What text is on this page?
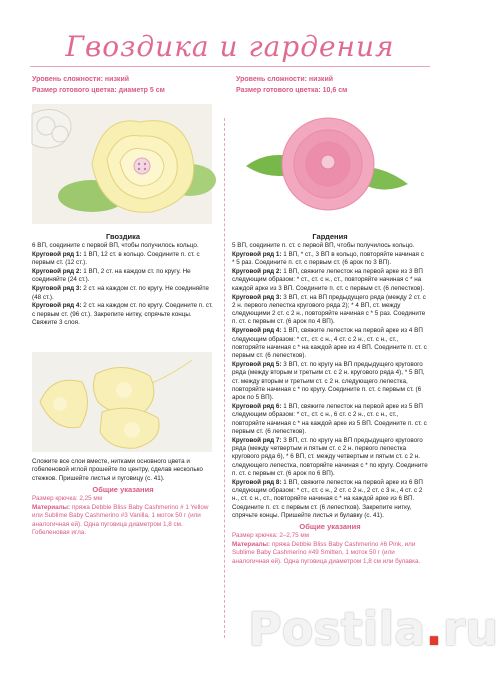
Гвоздика и гардения
Уровень сложности: низкий
Размер готового цветка: диаметр 5 см
Уровень сложности: низкий
Размер готового цветка: 10,6 см
Гвоздика

6 ВП, соедините с первой ВП, чтобы получилось кольцо.

Круговой ряд 1: 1 ВП, 12 ст. в кольцо. Соедините п. ст. с первым ст. (12 ст.).

Круговой ряд 2: 1 ВП, 2 ст. на каждом ст. по кругу. Не соединяйте (24 ст.).

Круговой ряд 3: 2 ст. на каждом ст. по кругу. Не соединяйте (48 ст.).

Круговой ряд 4: 2 ст. на каждом ст. по кругу. Соедините п. ст. с первым ст. (96 ст.). Закрепите нитку, спрячьте концы. Свяжите 3 слоя.

Сложите все слои вместе, нитками основного цвета и гобеленовой иглой прошейте по центру, сделав несколько стежков. Пришейте листья и пуговицу (с. 41).

Общие указания

Размер крючка: 2,25 мм

Материалы: пряжа Debbie Bliss Baby Cashmerino # 1 Yellow или Sublime Baby Cashmerino #3 Vanilla, 1 моток 50 г (или аналогичная ей). Одна пуговица диаметром 1,8 см. Гобеленовая игла.

Гардения

5 ВП, соедините п. ст. с первой ВП, чтобы получилось кольцо.

Круговой ряд 1: 1 ВП, * ст., 3 ВП в кольцо, повторяйте начиная с * 5 раз. Соедините п. ст. с первым ст. (6 арок по 3 ВП).

Круговой ряд 2: 1 ВП, свяжите лепесток на первой арке из 3 ВП следующим образом: * ст., ст. с н., ст., повторяйте начиная с * на каждой арке из 3 ВП. Соедините п. ст. с первым ст. (6 лепестков).

Круговой ряд 3: 3 ВП, ст. на ВП предыдущего ряда (между 2 ст. с 2 н. первого лепестка кругового ряда 2); * 4 ВП, ст. между следующими 2 ст. с 2 н., повторяйте начиная с * 5 раз. Соедините п. ст. с первым ст. (6 арок по 4 ВП).

Круговой ряд 4: 1 ВП, свяжите лепесток на первой арке из 4 ВП следующим образом: * ст., ст. с н., 4 ст. с 2 н., ст. с н., ст., повторяйте начиная с * на каждой арке из 4 ВП. Соедините п. ст. с первым ст. (6 лепестков).

Круговой ряд 5: 3 ВП, ст. по кругу на ВП предыдущего кругового ряда (между вторым и третьим ст. с 2 н. кругового ряда 4), * 5 ВП, ст. между вторым и третьим ст. с 2 н. следующего лепестка, повторяйте начиная с * по кругу. Соедините п. ст. с первым ст. (6 арок по 5 ВП).

Круговой ряд 6: 1 ВП, свяжите лепесток на первой арке из 5 ВП следующим образом: * ст., ст. с н., 6 ст. с 2 н., ст. с н., ст., повторяйте начиная с * на каждой арке из 5 ВП. Соедините п. ст. с первым ст. (6 лепестков).

Круговой ряд 7: 3 ВП, ст. по кругу на ВП предыдущего кругового ряда (между четвертым и пятым ст. с 2 н. первого лепестка кругового ряда 6), * 6 ВП, ст. между четвертым и пятым ст. с 2 н. следующего лепестка, повторяйте начиная с * по кругу. Соедините п. ст. с первым ст. (6 арок по 6 ВП).

Круговой ряд 8: 1 ВП, свяжите лепесток на первой арке из 6 ВП следующим образом: * ст., ст. с н., 2 ст. с 2 н., 2 ст. с 3 н., 4 ст. с 2 н., ст. с н., ст., повторяйте начиная с * на каждой арке из 6 ВП. Соедините п. ст. с первым ст. (6 лепестков). Закрепите нитку, спрячьте концы. Пришейте листья и булавку (с. 41).

Общие указания

Размер крючка: 2–2,75 мм

Материалы: пряжа Debbie Bliss Baby Cashmerino #6 Pink, или Sublime Baby Cashmerino #49 Smitten, 1 моток 50 г (или аналогичная ей). Одна пуговица диаметром 1,8 см или булавка.

Postila.ru
